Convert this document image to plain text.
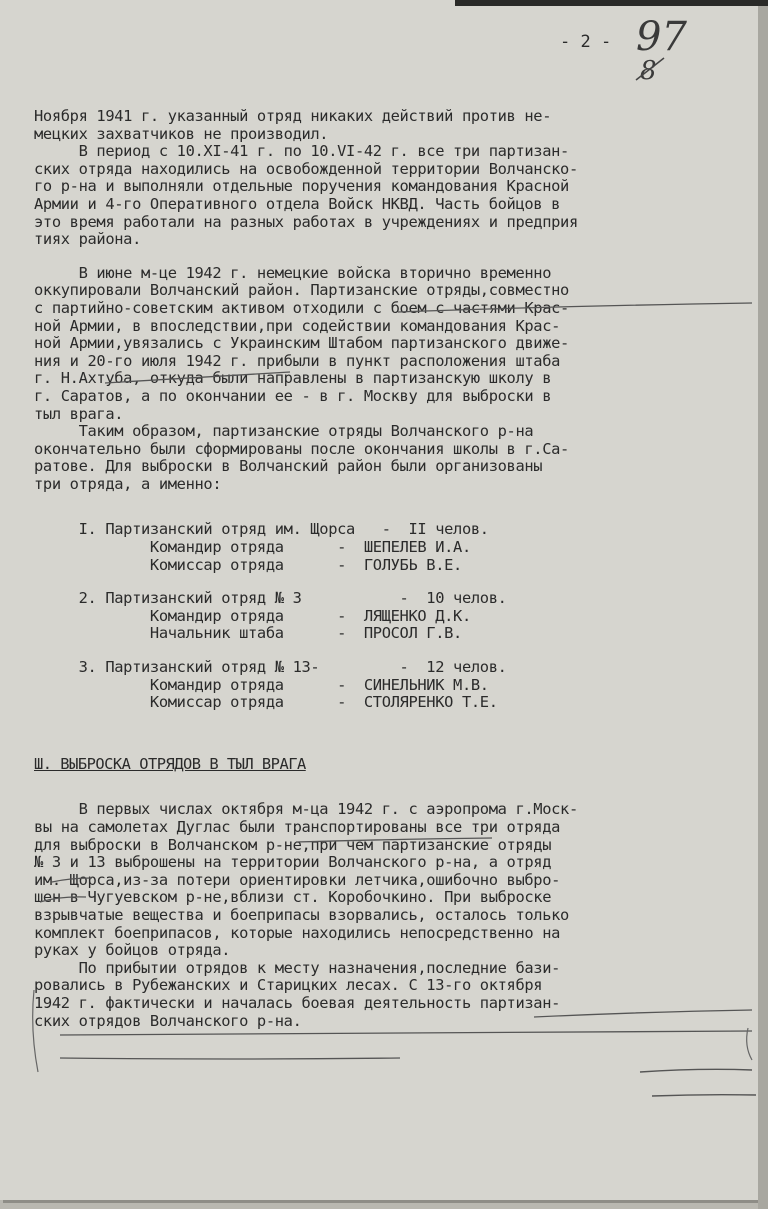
- 2 - 97
8
Ноября 1941 г. указанный отряд никаких действий против не-
мецких захватчиков не производил.
В период с 10.XI-41 г. по 10.VI-42 г. все три партизан-
ских отряда находились на освобожденной территории Волчанско-
го р-на и выполняли отдельные поручения командования Красной
Армии и 4-го Оперативного отдела Войск НКВД. Часть бойцов в
это время работали на разных работах в учреждениях и предприя
тиях района.
В июне м-це 1942 г. немецкие войска вторично временно
оккупировали Волчанский район. Партизанские отряды,совместно
с партийно-советским активом отходили с боем с частями Крас-
ной Армии, в впоследствии,при содействии командования Крас-
ной Армии,увязались с Украинским Штабом партизанского движе-
ния и 20-го июля 1942 г. прибыли в пункт расположения штаба
г. Н.Ахтуба, откуда были направлены в партизанскую школу в
г. Саратов, а по окончании ее - в г. Москву для выброски в
тыл врага.
Таким образом, партизанские отряды Волчанского р-на
окончательно были сформированы после окончания школы в г.Са-
ратове. Для выброски в Волчанский район были организованы
три отряда, а именно:
I. Партизанский отряд им. Щорса   -  II челов.
Командир отряда      -  ШЕПЕЛЕВ И.А.
Комиссар отряда      -  ГОЛУБЬ В.Е.
2. Партизанский отряд № 3           -  10 челов.
Командир отряда      -  ЛЯЩЕНКО Д.К.
Начальник штаба      -  ПРОСОЛ Г.В.
3. Партизанский отряд № 13-         -  12 челов.
Командир отряда      -  СИНЕЛЬНИК М.В.
Комиссар отряда      -  СТОЛЯРЕНКО Т.Е.
Ш. ВЫБРОСКА ОТРЯДОВ В ТЫЛ ВРАГА
В первых числах октября м-ца 1942 г. с аэропрома г.Моск-
вы на самолетах Дуглас были транспортированы все три отряда
для выброски в Волчанском р-не,при чем партизанские отряды
№ 3 и 13 выброшены на территории Волчанского р-на, а отряд
им. Щорса,из-за потери ориентировки летчика,ошибочно выбро-
шен в Чугуевском р-не,вблизи ст. Коробочкино. При выброске
взрывчатые вещества и боеприпасы взорвались, осталось только
комплект боеприпасов, которые находились непосредственно на
руках у бойцов отряда.
По прибытии отрядов к месту назначения,последние бази-
ровались в Рубежанских и Старицких лесах. С 13-го октября
1942 г. фактически и началась боевая деятельность партизан-
ских отрядов Волчанского р-на.
